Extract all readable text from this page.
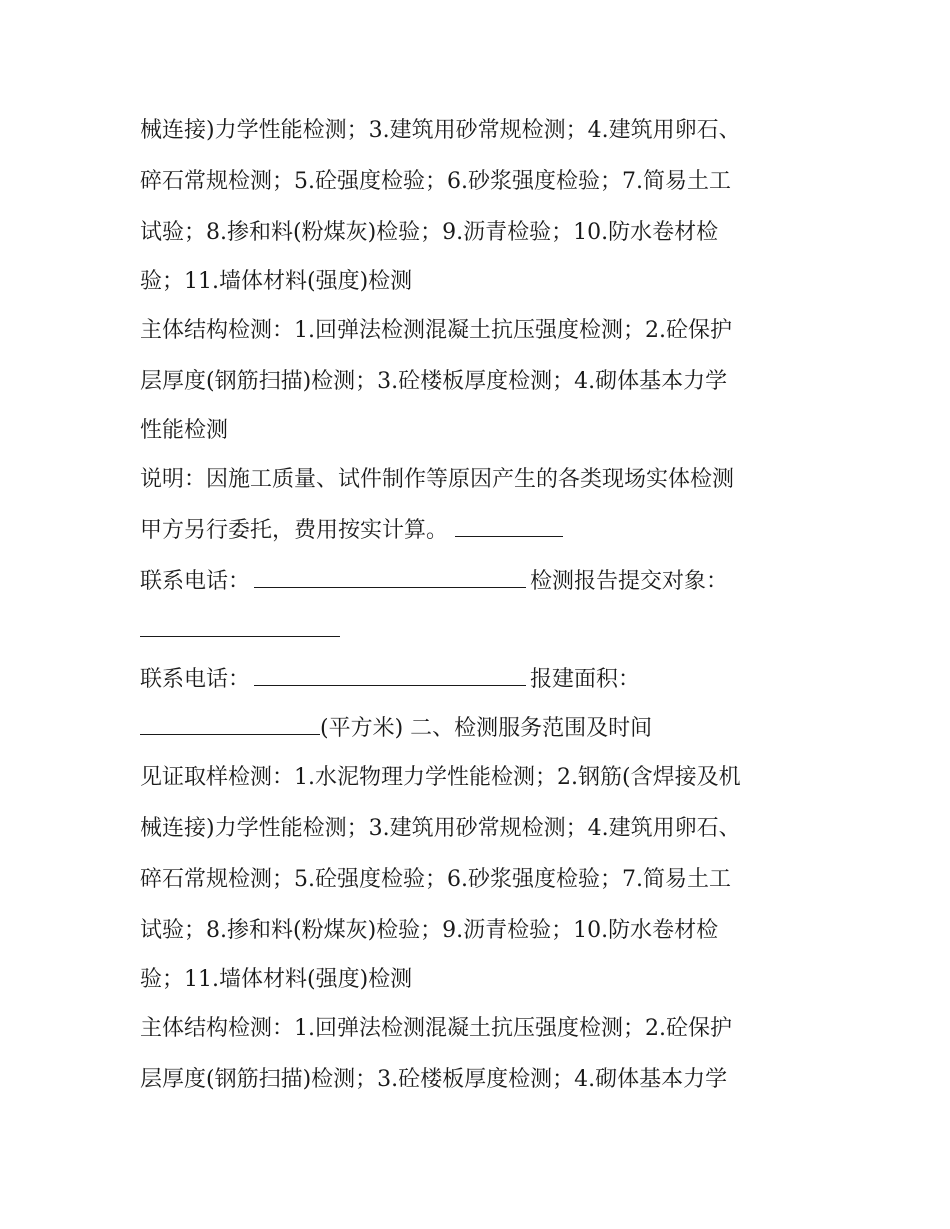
械连接)力学性能检测；3.建筑用砂常规检测；4.建筑用卵石、
碎石常规检测；5.砼强度检验；6.砂浆强度检验；7.简易土工
试验；8.掺和料(粉煤灰)检验；9.沥青检验；10.防水卷材检
验；11.墙体材料(强度)检测
主体结构检测：1.回弹法检测混凝土抗压强度检测；2.砼保护
层厚度(钢筋扫描)检测；3.砼楼板厚度检测；4.砌体基本力学
性能检测
说明：因施工质量、试件制作等原因产生的各类现场实体检测
甲方另行委托，费用按实计算。
联系电话：	检测报告提交对象：
联系电话：	报建面积：
(平方米) 二、检测服务范围及时间
见证取样检测：1.水泥物理力学性能检测；2.钢筋(含焊接及机
械连接)力学性能检测；3.建筑用砂常规检测；4.建筑用卵石、
碎石常规检测；5.砼强度检验；6.砂浆强度检验；7.简易土工
试验；8.掺和料(粉煤灰)检验；9.沥青检验；10.防水卷材检
验；11.墙体材料(强度)检测
主体结构检测：1.回弹法检测混凝土抗压强度检测；2.砼保护
层厚度(钢筋扫描)检测；3.砼楼板厚度检测；4.砌体基本力学
